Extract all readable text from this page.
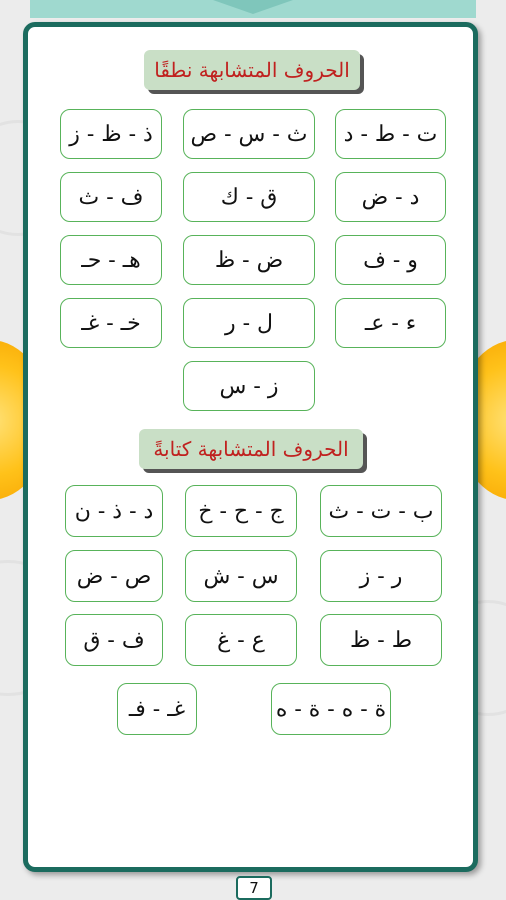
الحروف المتشابهة نطقًا
ت - ط - د
ث - س - ص
ذ - ظ - ز
د - ض
ق - ك
ف - ث
و - ف
ض - ظ
هـ - حـ
ء - عـ
ل - ر
خـ - غـ
ز - س
الحروف المتشابهة كتابةً
ب - ت - ث
ج - ح - خ
د - ذ - ن
ر - ز
س - ش
ص - ض
ط - ظ
ع - غ
ف - ق
ة - ه - ة - ه
غـ - فـ
7
